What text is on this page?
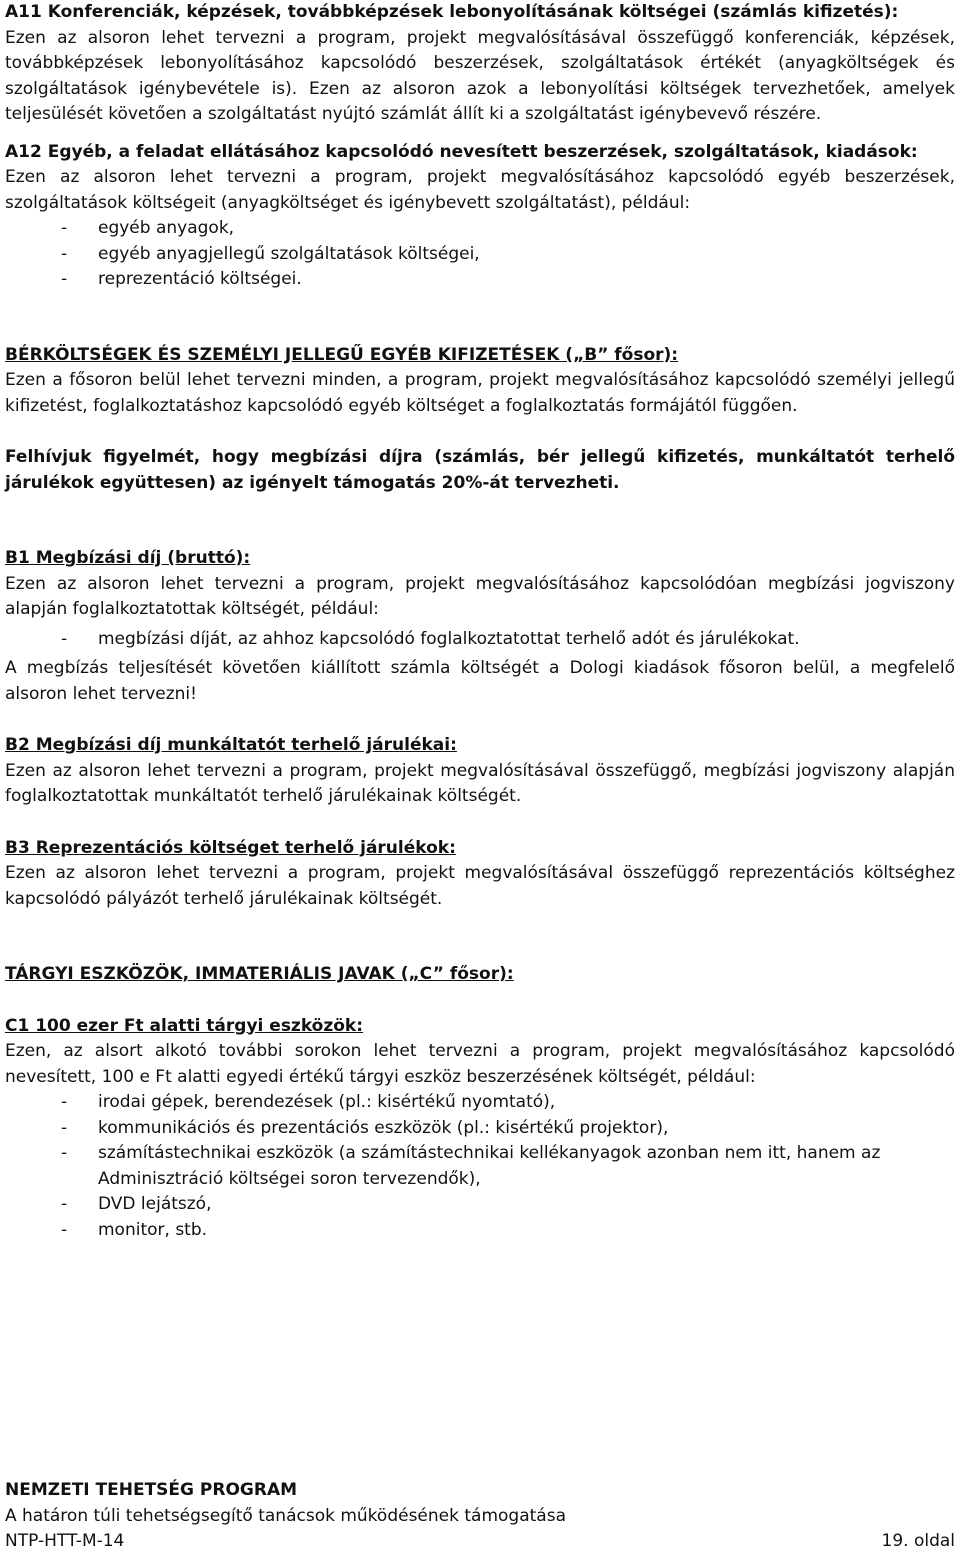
A11 Konferenciák, képzések, továbbképzések lebonyolításának költségei (számlás kifizetés):

Ezen az alsoron lehet tervezni a program, projekt megvalósításával összefüggő konferenciák, képzések, továbbképzések lebonyolításához kapcsolódó beszerzések, szolgáltatások értékét (anyagköltségek és szolgáltatások igénybevétele is). Ezen az alsoron azok a lebonyolítási költségek tervezhetőek, amelyek teljesülését követően a szolgáltatást nyújtó számlát állít ki a szolgáltatást igénybevevő részére.

A12 Egyéb, a feladat ellátásához kapcsolódó nevesített beszerzések, szolgáltatások, kiadások:

Ezen az alsoron lehet tervezni a program, projekt megvalósításához kapcsolódó egyéb beszerzések, szolgáltatások költségeit (anyagköltséget és igénybevett szolgáltatást), például:

- egyéb anyagok,
- egyéb anyagjellegű szolgáltatások költségei,
- reprezentáció költségei.

BÉRKÖLTSÉGEK ÉS SZEMÉLYI JELLEGŰ EGYÉB KIFIZETÉSEK („B” fősor):

Ezen a fősoron belül lehet tervezni minden, a program, projekt megvalósításához kapcsolódó személyi jellegű kifizetést, foglalkoztatáshoz kapcsolódó egyéb költséget a foglalkoztatás formájától függően.

Felhívjuk figyelmét, hogy megbízási díjra (számlás, bér jellegű kifizetés, munkáltatót terhelő járulékok együttesen) az igényelt támogatás 20%-át tervezheti.

B1 Megbízási díj (bruttó):

Ezen az alsoron lehet tervezni a program, projekt megvalósításához kapcsolódóan megbízási jogviszony alapján foglalkoztatottak költségét, például:

- megbízási díját, az ahhoz kapcsolódó foglalkoztatottat terhelő adót és járulékokat.

A megbízás teljesítését követően kiállított számla költségét a Dologi kiadások fősoron belül, a megfelelő alsoron lehet tervezni!

B2 Megbízási díj munkáltatót terhelő járulékai:

Ezen az alsoron lehet tervezni a program, projekt megvalósításával összefüggő, megbízási jogviszony alapján foglalkoztatottak munkáltatót terhelő járulékainak költségét.

B3 Reprezentációs költséget terhelő járulékok:

Ezen az alsoron lehet tervezni a program, projekt megvalósításával összefüggő reprezentációs költséghez kapcsolódó pályázót terhelő járulékainak költségét.

TÁRGYI ESZKÖZÖK, IMMATERIÁLIS JAVAK („C” fősor):

C1 100 ezer Ft alatti tárgyi eszközök:

Ezen, az alsort alkotó további sorokon lehet tervezni a program, projekt megvalósításához kapcsolódó nevesített, 100 e Ft alatti egyedi értékű tárgyi eszköz beszerzésének költségét, például:

- irodai gépek, berendezések (pl.: kisértékű nyomtató),
- kommunikációs és prezentációs eszközök (pl.: kisértékű projektor),
- számítástechnikai eszközök (a számítástechnikai kellékanyagok azonban nem itt, hanem az Adminisztráció költségei soron tervezendők),
- DVD lejátszó,
- monitor, stb.

NEMZETI TEHETSÉG PROGRAM

A határon túli tehetségsegítő tanácsok működésének támogatása

NTP-HTT-M-14	19. oldal
